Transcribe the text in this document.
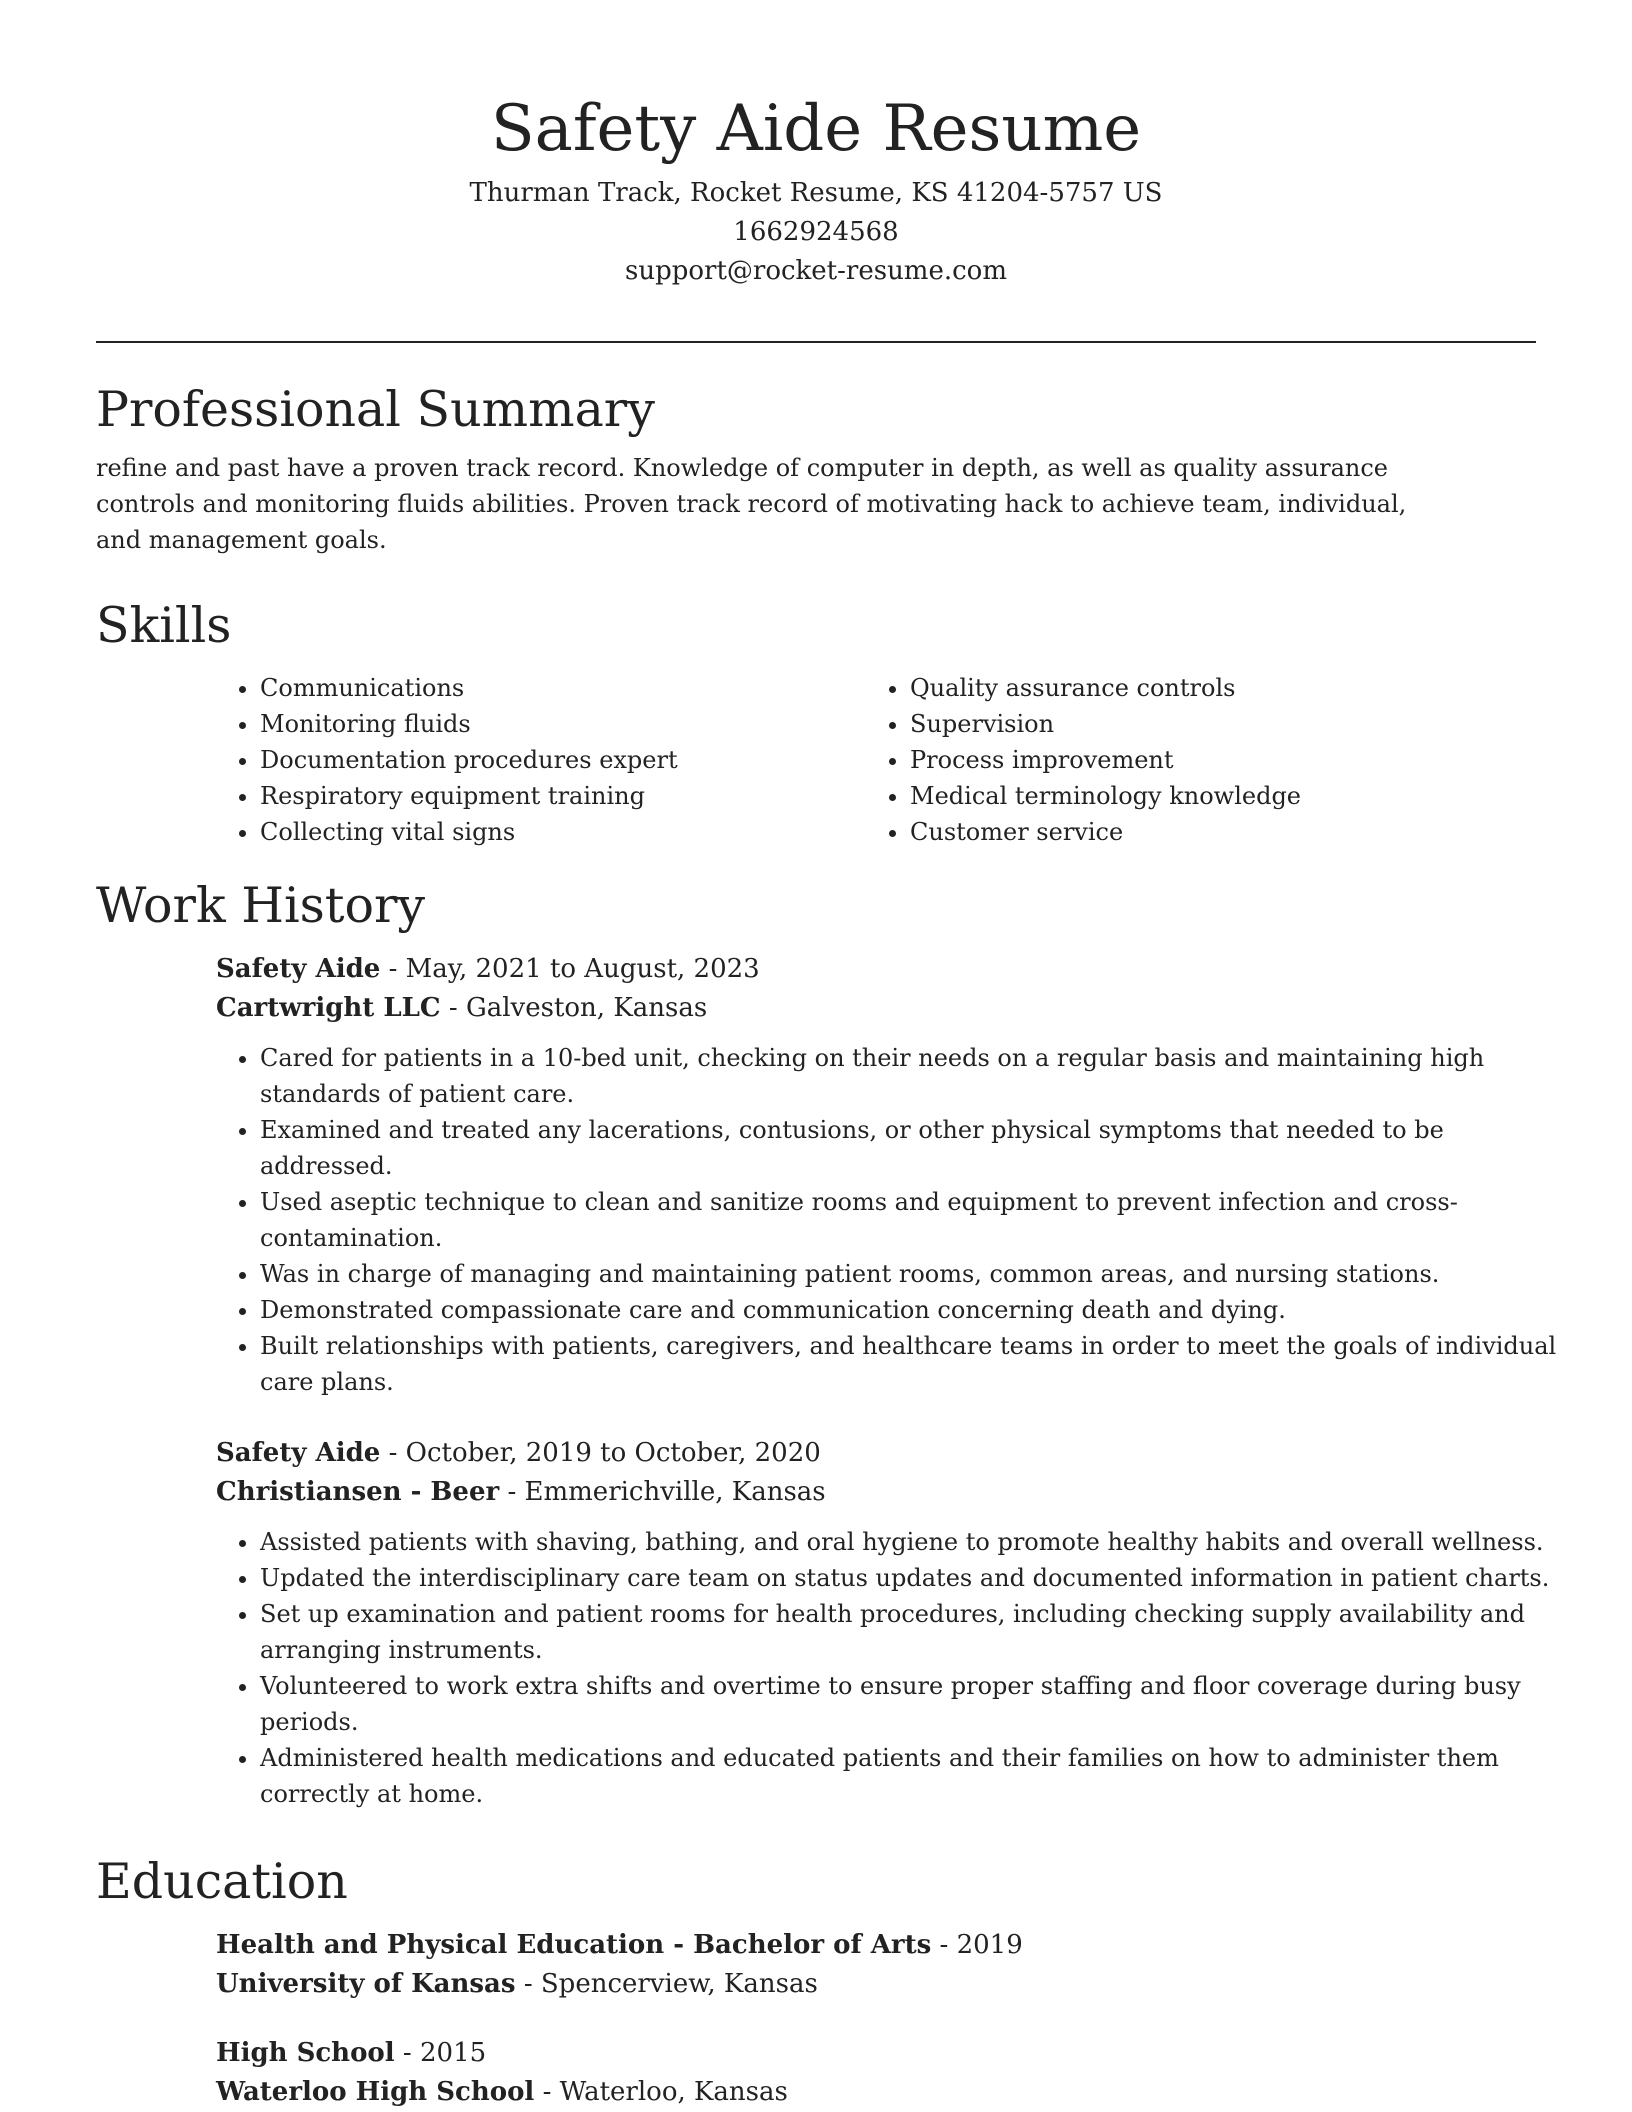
Safety Aide Resume
Thurman Track, Rocket Resume, KS 41204-5757 US
1662924568
support@rocket-resume.com
Professional Summary

refine and past have a proven track record. Knowledge of computer in depth, as well as quality assurance controls and monitoring fluids abilities. Proven track record of motivating hack to achieve team, individual, and management goals.

Skills
• Communications
• Monitoring fluids
• Documentation procedures expert
• Respiratory equipment training
• Collecting vital signs
• Quality assurance controls
• Supervision
• Process improvement
• Medical terminology knowledge
• Customer service
Work History
Safety Aide - May, 2021 to August, 2023
Cartwright LLC - Galveston, Kansas
• Cared for patients in a 10-bed unit, checking on their needs on a regular basis and maintaining high standards of patient care.
• Examined and treated any lacerations, contusions, or other physical symptoms that needed to be addressed.
• Used aseptic technique to clean and sanitize rooms and equipment to prevent infection and cross-contamination.
• Was in charge of managing and maintaining patient rooms, common areas, and nursing stations.
• Demonstrated compassionate care and communication concerning death and dying.
• Built relationships with patients, caregivers, and healthcare teams in order to meet the goals of individual care plans.
Safety Aide - October, 2019 to October, 2020
Christiansen - Beer - Emmerichville, Kansas
• Assisted patients with shaving, bathing, and oral hygiene to promote healthy habits and overall wellness.
• Updated the interdisciplinary care team on status updates and documented information in patient charts.
• Set up examination and patient rooms for health procedures, including checking supply availability and arranging instruments.
• Volunteered to work extra shifts and overtime to ensure proper staffing and floor coverage during busy periods.
• Administered health medications and educated patients and their families on how to administer them correctly at home.
Education
Health and Physical Education - Bachelor of Arts - 2019
University of Kansas - Spencerview, Kansas
High School - 2015
Waterloo High School - Waterloo, Kansas
